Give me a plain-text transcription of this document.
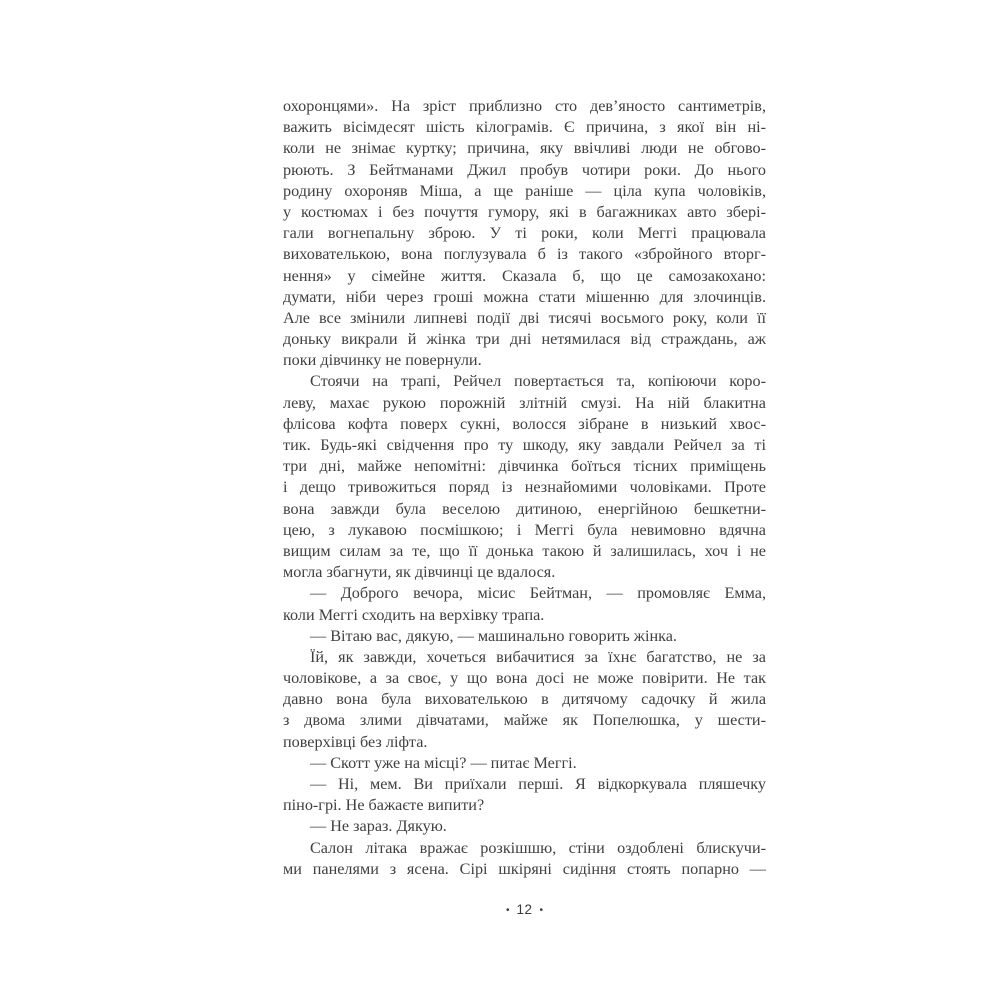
охоронцями». На зріст приблизно сто дев’яносто сантиметрів,
важить вісімдесят шість кілограмів. Є причина, з якої він ні-
коли не знімає куртку; причина, яку ввічливі люди не обгово-
рюють. З Бейтманами Джил пробув чотири роки. До нього
родину охороняв Міша, а ще раніше — ціла купа чоловіків,
у костюмах і без почуття гумору, які в багажниках авто збері-
гали вогнепальну зброю. У ті роки, коли Меггі працювала
вихователькою, вона поглузувала б із такого «збройного вторг-
нення» у сімейне життя. Сказала б, що це самозакохано:
думати, ніби через гроші можна стати мішенню для злочинців.
Але все змінили липневі події дві тисячі восьмого року, коли її
доньку викрали й жінка три дні нетямилася від страждань, аж
поки дівчинку не повернули.
Стоячи на трапі, Рейчел повертається та, копіюючи коро-
леву, махає рукою порожній злітній смузі. На ній блакитна
флісова кофта поверх сукні, волосся зібране в низький хвос-
тик. Будь-які свідчення про ту шкоду, яку завдали Рейчел за ті
три дні, майже непомітні: дівчинка боїться тісних приміщень
і дещо тривожиться поряд із незнайомими чоловіками. Проте
вона завжди була веселою дитиною, енергійною бешкетни-
цею, з лукавою посмішкою; і Меггі була невимовно вдячна
вищим силам за те, що її донька такою й залишилась, хоч і не
могла збагнути, як дівчинці це вдалося.
— Доброго вечора, місис Бейтман, — промовляє Емма,
коли Меггі сходить на верхівку трапа.
— Вітаю вас, дякую, — машинально говорить жінка.
Їй, як завжди, хочеться вибачитися за їхнє багатство, не за
чоловікове, а за своє, у що вона досі не може повірити. Не так
давно вона була вихователькою в дитячому садочку й жила
з двома злими дівчатами, майже як Попелюшка, у шести-
поверхівці без ліфта.
— Скотт уже на місці? — питає Меггі.
— Ні, мем. Ви приїхали перші. Я відкоркувала пляшечку
піно-грі. Не бажаєте випити?
— Не зараз. Дякую.
Салон літака вражає розкішшю, стіни оздоблені блискучи-
ми панелями з ясена. Сірі шкіряні сидіння стоять попарно —
• 12 •
